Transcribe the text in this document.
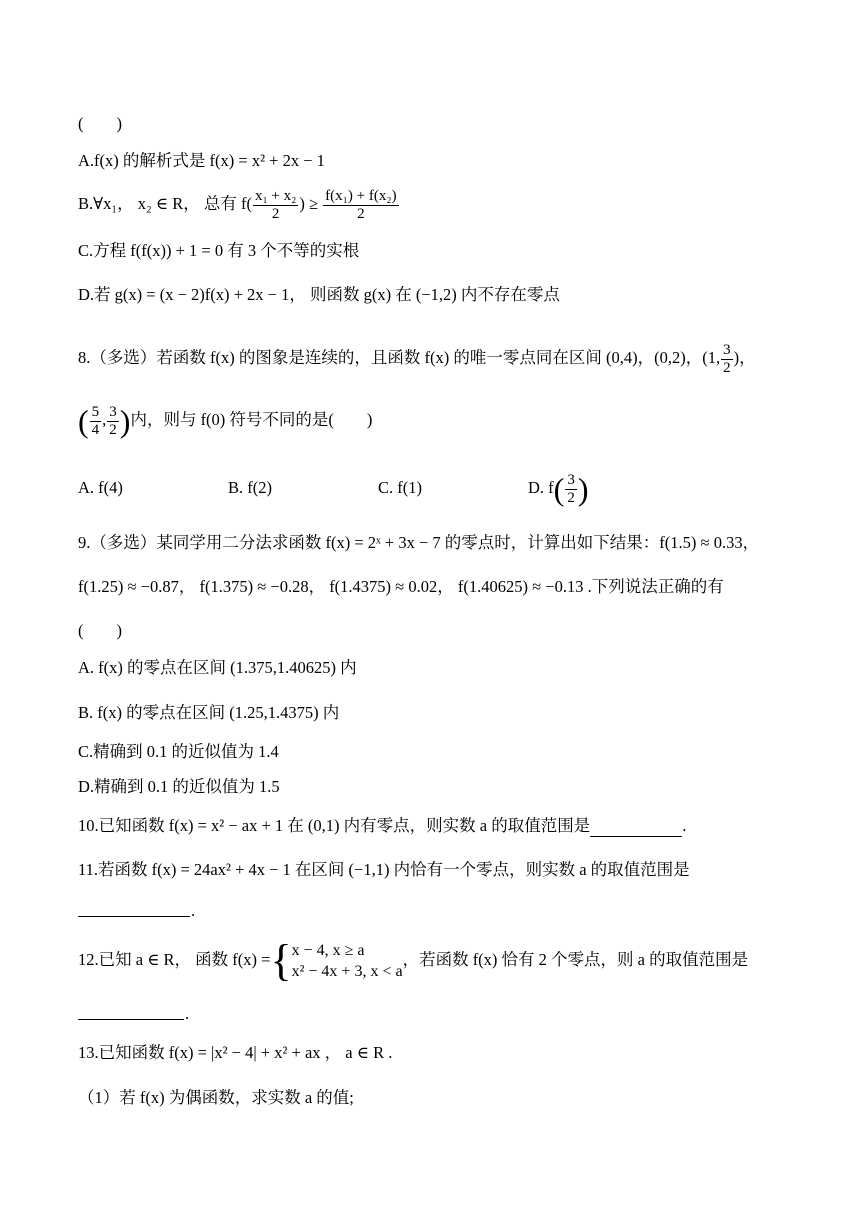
(　　)
A.f(x) 的解析式是 f(x) = x² + 2x − 1
B.∀x₁， x₂ ∈ R， 总有 $f( \frac{\text{x₁ + x₂}}{2}$ ) ≥ $\frac{\text{f(x₁) + f(x₂)}}{2}$
C.方程 f(f(x)) + 1 = 0 有 3 个不等的实根
D.若 g(x) = (x − 2)f(x) + 2x − 1， 则函数 g(x) 在 (−1,2) 内不存在零点
8.（多选）若函数 f(x) 的图象是连续的，且函数 f(x) 的唯一零点同在区间 (0,4)，(0,2)，(1, $\frac{3}{2}$ )，
( $\frac{5}{4}$ , $\frac{3}{2}$ )内，则与 f(0) 符号不同的是(　　)
A. f(4)	B. f(2)	C. f(1)	D. $f( \frac{3}{2}$ )
9.（多选）某同学用二分法求函数 f(x) = 2ˣ + 3x − 7 的零点时，计算出如下结果：f(1.5) ≈ 0.33，
f(1.25) ≈ −0.87， f(1.375) ≈ −0.28， f(1.4375) ≈ 0.02， f(1.40625) ≈ −0.13 .下列说法正确的有
(　　)
A. f(x) 的零点在区间 (1.375,1.40625) 内
B. f(x) 的零点在区间 (1.25,1.4375) 内
C.精确到 0.1 的近似值为 1.4
D.精确到 0.1 的近似值为 1.5
10.已知函数 f(x) = x² − ax + 1 在 (0,1) 内有零点，则实数 a 的取值范围是	.
11.若函数 f(x) = 24ax² + 4x − 1 在区间 (−1,1) 内恰有一个零点，则实数 a 的取值范围是
.
12.已知 a ∈ R， 函数 f(x) ={ x − 4, x ≥ a
x² − 4x + 3, x < a
，若函数 f(x) 恰有 2 个零点，则 a 的取值范围是
.
13.已知函数 f(x) = |x² − 4| + x² + ax ， a ∈ R .
（1）若 f(x) 为偶函数，求实数 a 的值;
